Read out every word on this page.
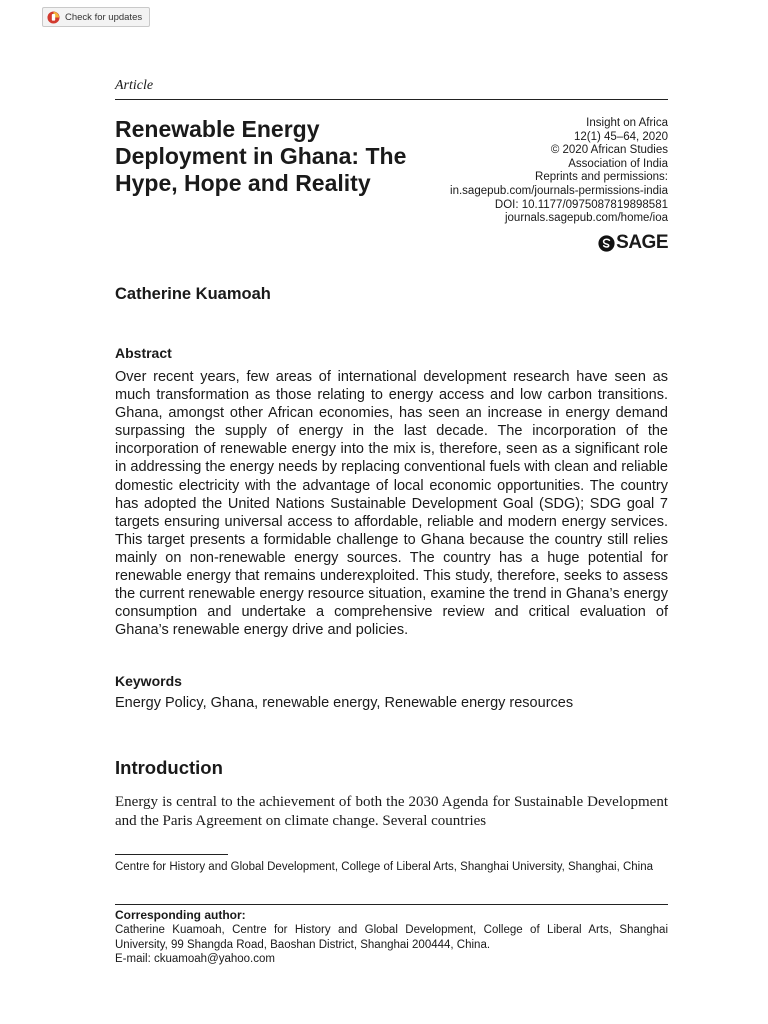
Check for updates
Article
Renewable Energy Deployment in Ghana: The Hype, Hope and Reality
Insight on Africa
12(1) 45–64, 2020
© 2020 African Studies
Association of India
Reprints and permissions:
in.sagepub.com/journals-permissions-india
DOI: 10.1177/0975087819898581
journals.sagepub.com/home/ioa
SAGE
Catherine Kuamoah
Abstract

Over recent years, few areas of international development research have seen as much transformation as those relating to energy access and low carbon transitions. Ghana, amongst other African economies, has seen an increase in energy demand surpassing the supply of energy in the last decade. The incorporation of the incorporation of renewable energy into the mix is, therefore, seen as a significant role in addressing the energy needs by replacing conventional fuels with clean and reliable domestic electricity with the advantage of local economic opportunities. The country has adopted the United Nations Sustainable Development Goal (SDG); SDG goal 7 targets ensuring universal access to affordable, reliable and modern energy services. This target presents a formidable challenge to Ghana because the country still relies mainly on non-renewable energy sources. The country has a huge potential for renewable energy that remains underexploited. This study, therefore, seeks to assess the current renewable energy resource situation, examine the trend in Ghana’s energy consumption and undertake a comprehensive review and critical evaluation of Ghana’s renewable energy drive and policies.

Keywords
Energy Policy, Ghana, renewable energy, Renewable energy resources
Introduction

Energy is central to the achievement of both the 2030 Agenda for Sustainable Development and the Paris Agreement on climate change. Several countries

Centre for History and Global Development, College of Liberal Arts, Shanghai University, Shanghai, China

Corresponding author:

Catherine Kuamoah, Centre for History and Global Development, College of Liberal Arts, Shanghai University, 99 Shangda Road, Baoshan District, Shanghai 200444, China.

E-mail: ckuamoah@yahoo.com
